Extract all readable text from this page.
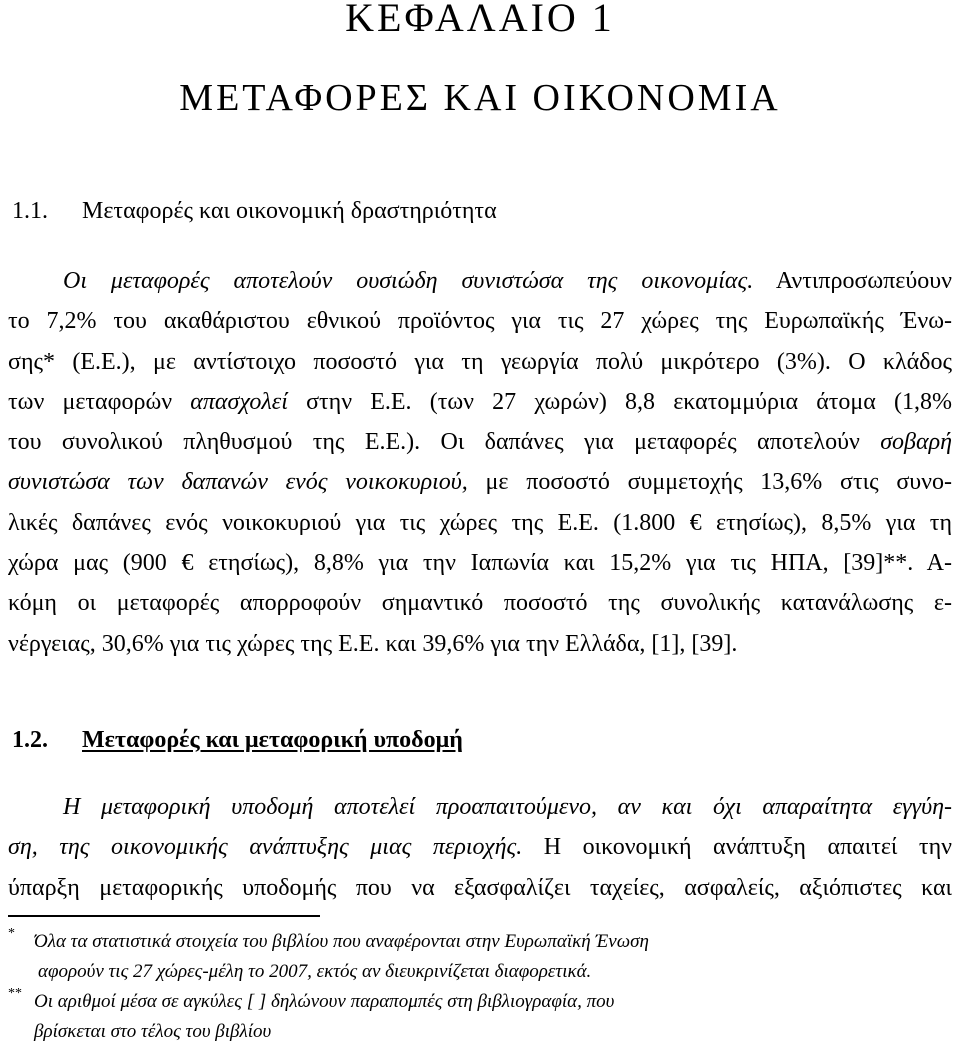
ΚΕΦΑΛΑΙΟ 1
ΜΕΤΑΦΟΡΕΣ ΚΑΙ ΟΙΚΟΝΟΜΙΑ
1.1. Μεταφορές και οικονομική δραστηριότητα
Οι μεταφορές αποτελούν ουσιώδη συνιστώσα της οικονομίας. Αντιπροσωπεύουν
το 7,2% του ακαθάριστου εθνικού προϊόντος για τις 27 χώρες της Ευρωπαϊκής Ένω-
σης* (Ε.Ε.), με αντίστοιχο ποσοστό για τη γεωργία πολύ μικρότερο (3%). Ο κλάδος
των μεταφορών απασχολεί στην Ε.Ε. (των 27 χωρών) 8,8 εκατομμύρια άτομα (1,8%
του συνολικού πληθυσμού της Ε.Ε.). Οι δαπάνες για μεταφορές αποτελούν σοβαρή
συνιστώσα των δαπανών ενός νοικοκυριού, με ποσοστό συμμετοχής 13,6% στις συνο-
λικές δαπάνες ενός νοικοκυριού για τις χώρες της Ε.Ε. (1.800 € ετησίως), 8,5% για τη
χώρα μας (900 € ετησίως), 8,8% για την Ιαπωνία και 15,2% για τις ΗΠΑ, [39]**. Α-
κόμη οι μεταφορές απορροφούν σημαντικό ποσοστό της συνολικής κατανάλωσης ε-
νέργειας, 30,6% για τις χώρες της Ε.Ε. και 39,6% για την Ελλάδα, [1], [39].
1.2. Μεταφορές και μεταφορική υποδομή
Η μεταφορική υποδομή αποτελεί προαπαιτούμενο, αν και όχι απαραίτητα εγγύη-
ση, της οικονομικής ανάπτυξης μιας περιοχής. Η οικονομική ανάπτυξη απαιτεί την
ύπαρξη μεταφορικής υποδομής που να εξασφαλίζει ταχείες, ασφαλείς, αξιόπιστες και
*	Όλα τα στατιστικά στοιχεία του βιβλίου που αναφέρονται στην Ευρωπαϊκή Ένωση
αφορούν τις 27 χώρες-μέλη το 2007, εκτός αν διευκρινίζεται διαφορετικά.
** Οι αριθμοί μέσα σε αγκύλες [ ] δηλώνουν παραπομπές στη βιβλιογραφία, που
βρίσκεται στο τέλος του βιβλίου
